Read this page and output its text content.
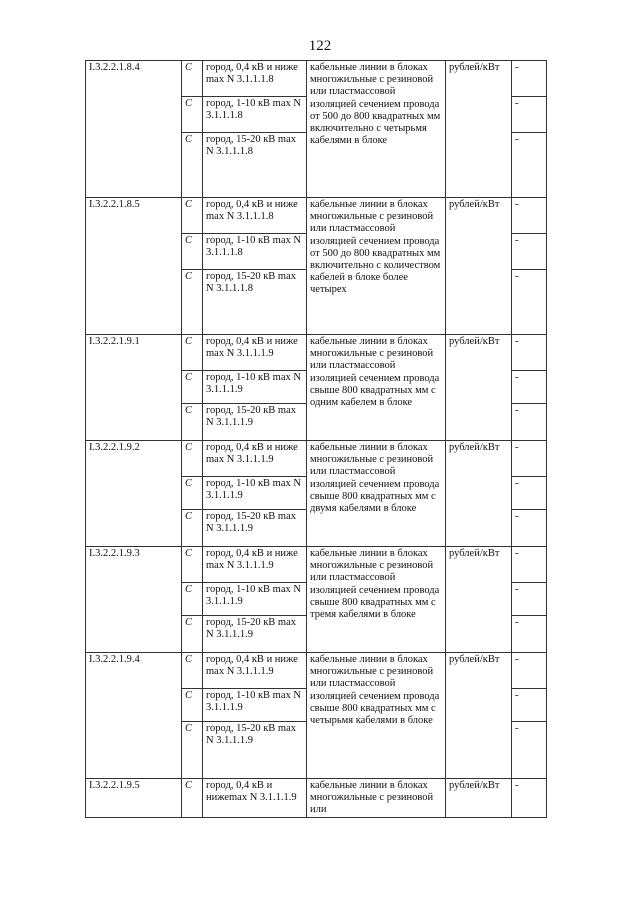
122
I.3.2.2.1.8.4	C	город, 0,4 кВ и ниже max N 3.1.1.1.8	кабельные линии в блоках многожильные с резиновой или пластмассовой изоляцией сечением провода от 500 до 800 квадратных мм включительно с четырьмя кабелями в блоке	рублей/кВт	-
	C	город, 1-10 кВ max N 3.1.1.1.8			-
	C	город, 15-20 кВ max N 3.1.1.1.8			-
I.3.2.2.1.8.5	C	город, 0,4 кВ и ниже max N 3.1.1.1.8	кабельные линии в блоках многожильные с резиновой или пластмассовой изоляцией сечением провода от 500 до 800 квадратных мм включительно с количеством кабелей в блоке более четырех	рублей/кВт	-
	C	город, 1-10 кВ max N 3.1.1.1.8			-
	C	город, 15-20 кВ max N 3.1.1.1.8			-
I.3.2.2.1.9.1	C	город, 0,4 кВ и ниже max N 3.1.1.1.9	кабельные линии в блоках многожильные с резиновой или пластмассовой изоляцией сечением провода свыше 800 квадратных мм с одним кабелем в блоке	рублей/кВт	-
	C	город, 1-10 кВ max N 3.1.1.1.9			-
	C	город, 15-20 кВ max N 3.1.1.1.9			-
I.3.2.2.1.9.2	C	город, 0,4 кВ и ниже max N 3.1.1.1.9	кабельные линии в блоках многожильные с резиновой или пластмассовой изоляцией сечением провода свыше 800 квадратных мм с двумя кабелями в блоке	рублей/кВт	-
	C	город, 1-10 кВ max N 3.1.1.1.9			-
	C	город, 15-20 кВ max N 3.1.1.1.9			-
I.3.2.2.1.9.3	C	город, 0,4 кВ и ниже max N 3.1.1.1.9	кабельные линии в блоках многожильные с резиновой или пластмассовой изоляцией сечением провода свыше 800 квадратных мм с тремя кабелями в блоке	рублей/кВт	-
	C	город, 1-10 кВ max N 3.1.1.1.9			-
	C	город, 15-20 кВ max N 3.1.1.1.9			-
I.3.2.2.1.9.4	C	город, 0,4 кВ и ниже max N 3.1.1.1.9	кабельные линии в блоках многожильные с резиновой или пластмассовой изоляцией сечением провода свыше 800 квадратных мм с четырьмя кабелями в блоке	рублей/кВт	-
	C	город, 1-10 кВ max N 3.1.1.1.9			-
	C	город, 15-20 кВ max N 3.1.1.1.9			-
I.3.2.2.1.9.5	C	город, 0,4 кВ и нижеmax N 3.1.1.1.9	кабельные линии в блоках многожильные с резиновой или	рублей/кВт	-
